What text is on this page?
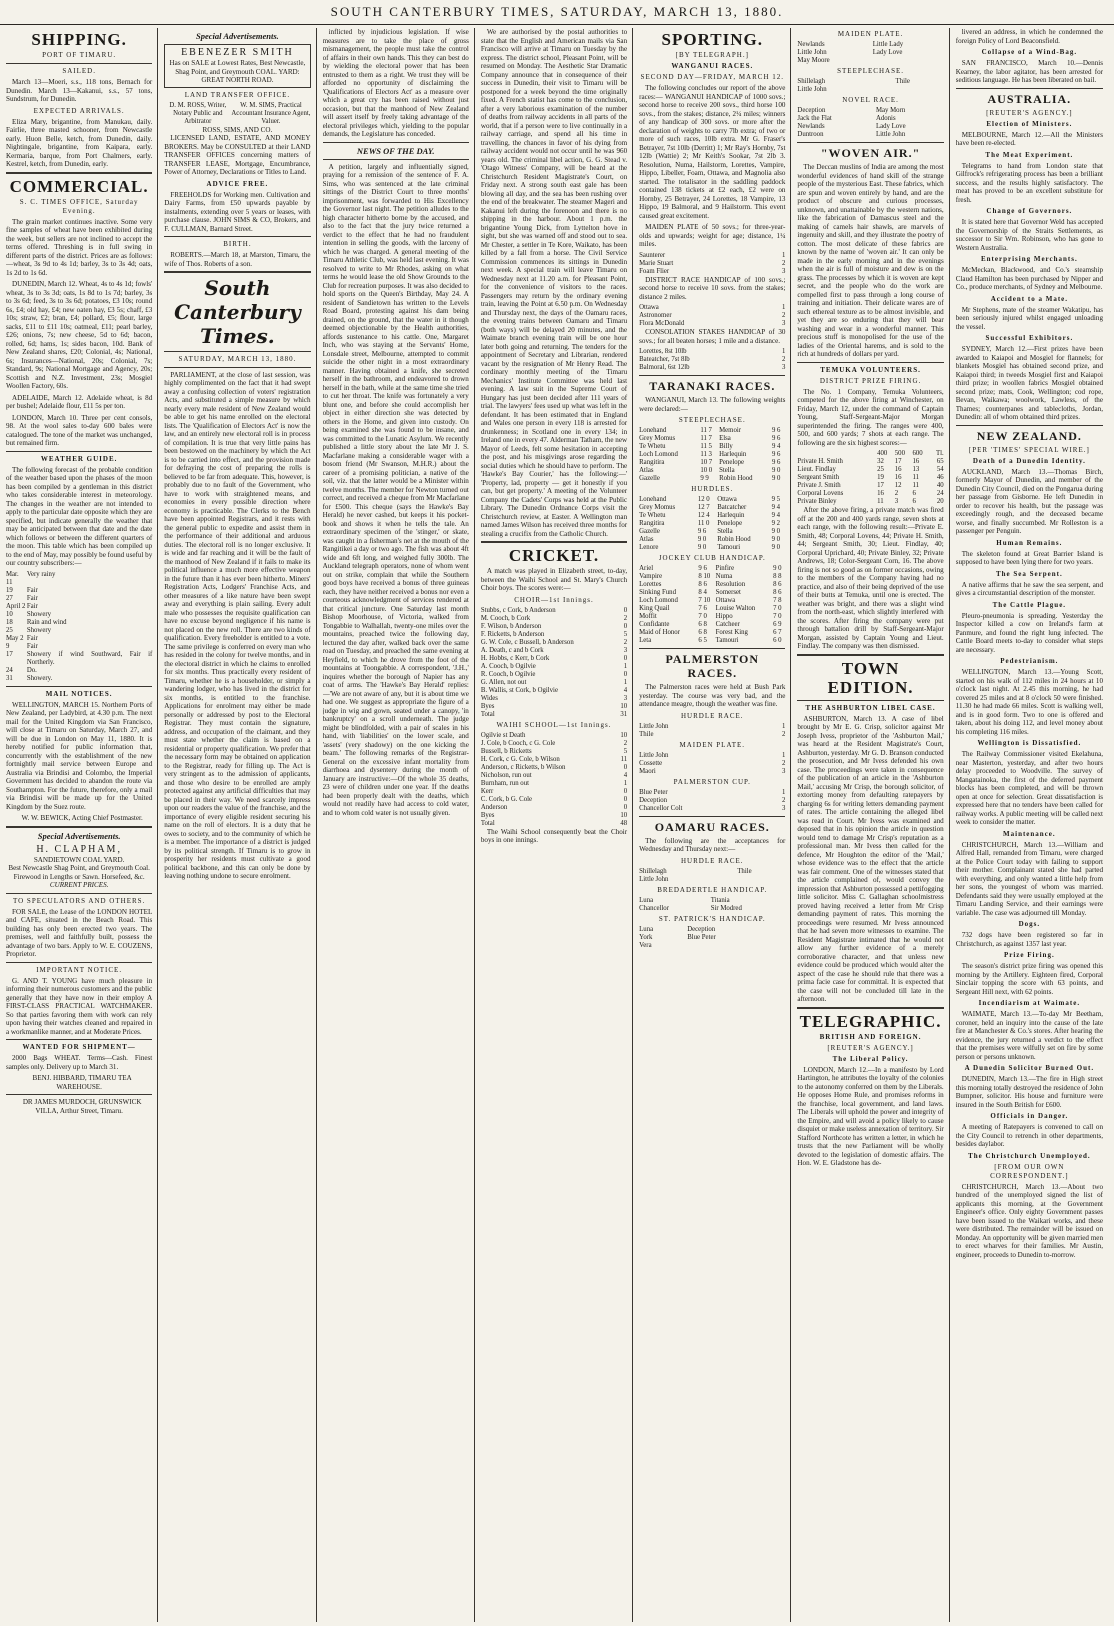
SOUTH CANTERBURY TIMES, SATURDAY, MARCH 13, 1880.
SHIPPING.
PORT OF TIMARU.
SAILED.

March 13—Moeri, s.s., 118 tons, Bernach for Dunedin. March 13—Kakanui, s.s., 57 tons, Sundstrum, for Dunedin.

EXPECTED ARRIVALS.

Eliza Mary, brigantine, from Manukau, daily. Fairlie, three masted schooner, from Newcastle early. Huon Belle, ketch, from Dunedin, daily. Nightingale, brigantine, from Kaipara, early. Kermaria, barque, from Port Chalmers, early. Kestrel, ketch, from Dunedin, early.

COMMERCIAL.
S. C. TIMES OFFICE, Saturday Evening.

The grain market continues inactive. Some very fine samples of wheat have been exhibited during the week, but sellers are not inclined to accept the terms offered. Threshing is in full swing in different parts of the district. Prices are as follows:—wheat, 3s 9d to 4s 1d; barley, 3s to 3s 4d; oats, 1s 2d to 1s 6d.

DUNEDIN, March 12. Wheat, 4s to 4s 1d; fowls' wheat, 3s to 3s 3d; oats, 1s 8d to 1s 7d; barley, 3s to 3s 6d; feed, 3s to 3s 6d; potatoes, £3 10s; round 6s, £4; old hay, £4; new oaten hay, £3 5s; chaff, £3 10s; straw, £2; bran, £4; pollard, £5; flour, large sacks, £11 to £11 10s; oatmeal, £11; pearl barley, £26; onions, 7s; new cheese, 5d to 6d; bacon, rolled, 6d; hams, 1s; sides bacon, 10d. Bank of New Zealand shares, £20; Colonial, 4s; National, 6s; Insurances—National, 20s; Colonial, 7s; Standard, 9s; National Mortgage and Agency, 20s; Scottish and N.Z. Investment, 23s; Mosgiel Woollen Factory, 60s.

ADELAIDE, March 12. Adelaide wheat, is 8d per bushel; Adelaide flour, £11 5s per ton.

LONDON, March 10. Three per cent consols, 98. At the wool sales to-day 600 bales were catalogued. The tone of the market was unchanged, but remained firm.

WEATHER GUIDE.

The following forecast of the probable condition of the weather based upon the phases of the moon has been compiled by a gentleman in this district who takes considerable interest in meteorology. The changes in the weather are not intended to apply to the particular date opposite which they are specified, but indicate generally the weather that may be anticipated between that date and the date which follows or between the different quarters of the moon. This table which has been compiled up to the end of May, may possibly be found useful by our country subscribers:—

Mar. 11	Very rainy
19	Fair
27	Fair
April 2	Fair
10	Showery
18	Rain and wind
25	Showery
May 2	Fair
9	Fair
17	Showery if wind Southward, Fair if Northerly.
24	Do.
31	Showery.
MAIL NOTICES.

WELLINGTON, MARCH 15. Northern Ports of New Zealand, per Ladybird, at 4.30 p.m. The next mail for the United Kingdom via San Francisco, will close at Timaru on Saturday, March 27, and will be due in London on May 11, 1880. It is hereby notified for public information that, concurrently with the establishment of the new fortnightly mail service between Europe and Australia via Brindisi and Colombo, the Imperial Government has decided to abandon the route via Southampton. For the future, therefore, only a mail via Brindisi will be made up for the United Kingdom by the Suez route.

W. W. BEWICK, Acting Chief Postmaster.

Special Advertisements.
H. CLAPHAM,
SANDIETOWN COAL YARD.
Best Newcastle Shag Point, and Greymouth Coal. Firewood in Lengths or Sawn. Horsefeed, &c.
CURRENT PRICES.
TO SPECULATORS AND OTHERS.

FOR SALE, the Lease of the LONDON HOTEL and CAFE, situated in the Beach Road. This building has only been erected two years. The premises, well and faithfully built, possess the advantage of two bars. Apply to W. E. COUZENS, Proprietor.

IMPORTANT NOTICE.

G. AND T. YOUNG have much pleasure in informing their numerous customers and the public generally that they have now in their employ A FIRST-CLASS PRACTICAL WATCHMAKER. So that parties favoring them with work can rely upon having their watches cleaned and repaired in a workmanlike manner, and at Moderate Prices.

WANTED FOR SHIPMENT—

2000 Bags WHEAT. Terms—Cash. Finest samples only. Delivery up to March 31.

BENJ. HIBBARD, TIMARU TEA WAREHOUSE.

DR JAMES MURDOCH, GRUNSWICK VILLA, Arthur Street, Timaru.

Special Advertisements.
EBENEZER SMITH
Has on SALE at Lowest Rates, Best Newcastle, Shag Point, and Greymouth COAL. YARD: GREAT NORTH ROAD.
LAND TRANSFER OFFICE.
D. M. ROSS, Writer, Notary Public and Arbitrator	W. M. SIMS, Practical Accountant Insurance Agent, Valuer.
ROSS, SIMS, AND CO.

LICENSED LAND, ESTATE, AND MONEY BROKERS. May be CONSULTED at their LAND TRANSFER OFFICES concerning matters of TRANSFER LEASE, Mortgage, Encumbrance, Power of Attorney, Declarations or Titles to Land.

ADVICE FREE.

FREEHOLDS for Working men. Cultivation and Dairy Farms, from £50 upwards payable by instalments, extending over 5 years or leases, with purchase clause. JOHN SIMS & CO, Brokers, and F. CULLMAN, Barnard Street.

BIRTH.

ROBERTS.—March 18, at Marston, Timaru, the wife of Thos. Roberts of a son.

South Canterbury Times.
SATURDAY, MARCH 13, 1880.

PARLIAMENT, at the close of last session, was highly complimented on the fact that it had swept away a confusing collection of voters' registration Acts, and substituted a simple measure by which nearly every male resident of New Zealand would be able to get his name enrolled on the electoral lists. The 'Qualification of Electors Act' is now the law, and an entirely new electoral roll is in process of compilation. It is true that very little pains has been bestowed on the machinery by which the Act is to be carried into effect, and the provision made for defraying the cost of preparing the rolls is believed to be far from adequate. This, however, is probably due to no fault of the Government, who have to work with straightened means, and economies in every possible direction where economy is practicable. The Clerks to the Bench have been appointed Registrars, and it rests with the general public to expedite and assist them in the performance of their additional and arduous duties. The electoral roll is no longer exclusive. It is wide and far reaching and it will be the fault of the manhood of New Zealand if it fails to make its political influence a much more effective weapon in the future than it has ever been hitherto. Miners' Registration Acts, Lodgers' Franchise Acts, and other measures of a like nature have been swept away and everything is plain sailing. Every adult male who possesses the requisite qualification can have no excuse beyond negligence if his name is not placed on the new roll. There are two kinds of qualification. Every freeholder is entitled to a vote. The same privilege is conferred on every man who has resided in the colony for twelve months, and in the electoral district in which he claims to enrolled for six months. Thus practically every resident of Timaru, whether he is a householder, or simply a wandering lodger, who has lived in the district for six months, is entitled to the franchise. Applications for enrolment may either be made personally or addressed by post to the Electoral Registrar. They must contain the signature, address, and occupation of the claimant, and they must state whether the claim is based on a residential or property qualification. We prefer that the necessary form may be obtained on application to the Registrar, ready for filling up. The Act is very stringent as to the admission of applicants, and those who desire to be enrolled are amply protected against any artificial difficulties that may be placed in their way. We need scarcely impress upon our readers the value of the franchise, and the importance of every eligible resident securing his name on the roll of electors. It is a duty that he owes to society, and to the community of which he is a member. The importance of a district is judged by its political strength. If Timaru is to grow in prosperity her residents must cultivate a good political backbone, and this can only be done by leaving nothing undone to secure enrolment.

inflicted by injudicious legislation. If wise measures are to take the place of gross mismanagement, the people must take the control of affairs in their own hands. This they can best do by wielding the electoral power that has been entrusted to them as a right. We trust they will be afforded no opportunity of disclaiming the 'Qualifications of Electors Act' as a measure over which a great cry has been raised without just occasion, but that the manhood of New Zealand will assert itself by freely taking advantage of the electoral privileges which, yielding to the popular demands, the Legislature has conceded.

NEWS OF THE DAY.

A petition, largely and influentially signed, praying for a remission of the sentence of F. A. Sims, who was sentenced at the late criminal sittings of the District Court to three months' imprisonment, was forwarded to His Excellency the Governor last night. The petition alludes to the high character hitherto borne by the accused, and also to the fact that the jury twice returned a verdict to the effect that he had no fraudulent intention in selling the goods, with the larceny of which he was charged. A general meeting of the Timaru Athletic Club, was held last evening. It was resolved to write to Mr Rhodes, asking on what terms he would lease the old Show Grounds to the Club for recreation purposes. It was also decided to hold sports on the Queen's Birthday, May 24. A resident of Sandietown has written to the Levels Road Board, protesting against his dam being drained, on the ground, that the water in it though deemed objectionable by the Health authorities, affords sustenance to his cattle. One, Margaret Inch, who was staying at the Servants' Home, Lonsdale street, Melbourne, attempted to commit suicide the other night in a most extraordinary manner. Having obtained a knife, she secreted herself in the bathroom, and endeavored to drown herself in the bath, while at the same time she tried to cut her throat. The knife was fortunately a very blunt one, and before she could accomplish her object in either direction she was detected by others in the Home, and given into custody. On being examined she was found to be insane, and was committed to the Lunatic Asylum. We recently published a little story about the late Mr J. S. Macfarlane making a considerable wager with a bosom friend (Mr Swanson, M.H.R.) about the career of a promising politician, a native of the soil, viz. that the latter would be a Minister within twelve months. The member for Newton turned out correct, and received a cheque from Mr Macfarlane for £500. This cheque (says the Hawke's Bay Herald) he never cashed, but keeps it his pocket-book and shows it when he tells the tale. An extraordinary specimen of the 'stinger,' or skate, was caught in a fisherman's net at the mouth of the Rangitikei a day or two ago. The fish was about 4ft wide and 6ft long, and weighed fully 300lb. The Auckland telegraph operators, none of whom went out on strike, complain that while the Southern good boys have received a bonus of three guineas each, they have neither received a bonus nor even a courteous acknowledgment of services rendered at that critical juncture. One Saturday last month Bishop Moorhouse, of Victoria, walked from Tongabbie to Walhallah, twenty-one miles over the mountains, preached twice the following day, lectured the day after, walked back over the same road on Tuesday, and preached the same evening at Heyfield, to which he drove from the foot of the mountains at Toongabbie. A correspondent, 'J.H.,' inquires whether the borough of Napier has any coat of arms. The 'Hawke's Bay Herald' replies:—'We are not aware of any, but it is about time we had one. We suggest as appropriate the figure of a judge in wig and gown, seated under a canopy, 'in bankruptcy' on a scroll underneath. The judge might be blindfolded, with a pair of scales in his hand, with 'liabilities' on the lower scale, and 'assets' (very shadowy) on the one kicking the beam.' The following remarks of the Registrar-General on the excessive infant mortality from diarrhoea and dysentery during the month of January are instructive:—Of the whole 35 deaths, 23 were of children under one year. If the deaths had been properly dealt with the deaths, which would not readily have had access to cold water, and to whom cold water is not usually given.

We are authorised by the postal authorities to state that the English and American mails via San Francisco will arrive at Timaru on Tuesday by the express. The district school, Pleasant Point, will be resumed on Monday. The Aesthetic Star Dramatic Company announce that in consequence of their success in Dunedin, their visit to Timaru will be postponed for a week beyond the time originally fixed. A French statist has come to the conclusion, after a very laborious examination of the number of deaths from railway accidents in all parts of the world, that if a person were to live continually in a railway carriage, and spend all his time in travelling, the chances in favor of his dying from railway accident would not occur until he was 960 years old. The criminal libel action, G. G. Stead v. 'Otago Witness' Company, will be heard at the Christchurch Resident Magistrate's Court, on Friday next. A strong south east gale has been blowing all day, and the sea has been rushing over the end of the breakwater. The steamer Mageri and Kakanui left during the forenoon and there is no shipping in the harbour. About 1 p.m. the brigantine Young Dick, from Lyttelton hove in sight, but she was warned off and stood out to sea. Mr Chester, a settler in Te Kore, Waikato, has been killed by a fall from a horse. The Civil Service Commission commences its sittings in Dunedin next week. A special train will leave Timaru on Wednesday next at 11.20 a.m. for Pleasant Point, for the convenience of visitors to the races. Passengers may return by the ordinary evening train, leaving the Point at 6.50 p.m. On Wednesday and Thursday next, the days of the Oamaru races, the evening trains between Oamaru and Timaru (both ways) will be delayed 20 minutes, and the Waimate branch evening train will be one hour later both going and returning. The tenders for the appointment of Secretary and Librarian, rendered vacant by the resignation of Mr Henry Read. The cordinary monthly meeting of the Timaru Mechanics' Institute Committee was held last evening. A law suit in the Supreme Court of Hungary has just been decided after 111 years of trial. The lawyers' fees used up what was left in the defendant. It has been estimated that in England and Wales one person in every 118 is arrested for drunkenness; in Scotland one in every 134; in Ireland one in every 47. Alderman Tatham, the new Mayor of Leeds, felt some hesitation in accepting the post, and his misgivings arose regarding the social duties which he should have to perform. The 'Hawke's Bay Courier,' has the following:—' 'Property, lad, property — get it honestly if you can, but get property.' A meeting of the Volunteer Company the Cadets' Corps was held at the Public Library. The Dunedin Ordnance Corps visit the Christchurch review, at Easter. A Wellington man named James Wilson has received three months for stealing a crucifix from the Catholic Church.

CRICKET.

A match was played in Elizabeth street, to-day, between the Waihi School and St. Mary's Church Choir boys. The scores were:—

CHOIR—1st Innings.
Stubbs, c Cork, b Anderson	0
M. Cooch, b Cork	2
F. Wilson, b Anderson	0
F. Ricketts, b Anderson	5
G. W. Cole, c Bussell, b Anderson	2
A. Death, c and b Cork	3
H. Hobbs, c Kerr, b Cork	0
A. Cooch, b Ogilvie	1
R. Cooch, b Ogilvie	0
G. Allen, not out	1
B. Wallis, st Cork, b Ogilvie	4
Wides	3
Byes	10
Total	31
WAIHI SCHOOL—1st Innings.
Ogilvie st Death	10
J. Cole, b Cooch, c G. Cole	2
Bussell, b Ricketts	5
H. Cork, c G. Cole, b Wilson	11
Anderson, c Ricketts, b Wilson	0
Nicholson, run out	4
Burnham, run out	1
Kerr	0
C. Cork, b G. Cole	0
Anderson	0
Byes	10
Total	48

The Waihi School consequently beat the Choir boys in one innings.

SPORTING.
[BY TELEGRAPH.]
WANGANUI RACES.
SECOND DAY—FRIDAY, MARCH 12.

The following concludes our report of the above races:— WANGANUI HANDICAP of 1000 sovs.; second horse to receive 200 sovs., third horse 100 sovs., from the stakes; distance, 2¼ miles; winners of any handicap of 300 sovs. or more after the declaration of weights to carry 7lb extra; of two or more of such races, 10lb extra. Mr G. Fraser's Betrayer, 7st 10lb (Derritt) 1; Mr Ray's Hornby, 7st 12lb (Wattie) 2; Mr Keith's Sookar, 7st 2lb 3. Resolution, Numa, Hailstorm, Lorettes, Vampire, Hippo, Libeller, Foam, Ottawa, and Magnolia also started. The totalisator in the saddling paddock contained 138 tickets at £2 each, £2 were on Hornby, 25 Betrayer, 24 Lorettes, 18 Vampire, 13 Hippo, 19 Balmoral, and 9 Hailstorm. This event caused great excitement.

MAIDEN PLATE of 50 sovs.; for three-year-olds and upwards; weight for age; distance, 1¼ miles.

Saunterer	1
Marie Stuart	2
Foam Flier	3

DISTRICT RACE HANDICAP of 100 sovs.; second horse to receive 10 sovs. from the stakes; distance 2 miles.

Ottawa	1
Astronomer	2
Flora McDonald	3

CONSOLATION STAKES HANDICAP of 30 sovs.; for all beaten horses; 1 mile and a distance.

Lorettes, 8st 10lb	1
Bateatcher, 7st 8lb	2
Balmoral, 6st 12lb	3
TARANAKI RACES.

WANGANUI, March 13. The following weights were declared:—

STEEPLECHASE.
Lonehand	11 7	Memoir	9 6
Grey Momus	11 7	Elsa	9 6
Te Whetu	11 5	Billy	9 4
Loch Lomond	11 3	Harlequin	9 6
Rangitira	10 7	Penelope	9 6
Atlas	10 0	Stella	9 0
Gazelle	9 9	Robin Hood	9 0
HURDLES.
Lonehand	12 0	Ottawa	9 5
Grey Momus	12 7	Batcatcher	9 4
Te Whetu	12 4	Harlequin	9 4
Rangitira	11 0	Penelope	9 2
Gazelle	9 6	Stella	9 0
Atlas	9 0	Robin Hood	9 0
Lenore	9 0	Tamouri	9 0
JOCKEY CLUB HANDICAP.
Ariel	9 6	Pinfire	9 0
Vampire	8 10	Numa	8 8
Lorettes	8 6	Resolution	8 6
Sinking Fund	8 4	Somerset	8 6
Loch Lomond	7 10	Ottawa	7 8
King Quail	7 6	Louise Walton	7 0
Moffit	7 0	Hippo	7 0
Confidante	6 8	Catcheer	6 9
Maid of Honor	6 8	Forest King	6 7
Leta	6 5	Tamouri	6 0
PALMERSTON RACES.

The Palmerston races were held at Bush Park yesterday. The course was very bad, and the attendance meagre, though the weather was fine.

HURDLE RACE.
Little John	1
Thile	2
MAIDEN PLATE.
Little John	1
Cossette	2
Maori	3
PALMERSTON CUP.
Blue Peter	1
Deception	2
Chancellor Colt	3
OAMARU RACES.

The following are the acceptances for Wednesday and Thursday next:—

HURDLE RACE.
Shillelagh	Thile
Little John	
BREDADERTLE HANDICAP.
Luna	Titania
Chancellor	Sir Modred
ST. PATRICK'S HANDICAP.
Luna	Deception
York	Blue Peter
Vera	
MAIDEN PLATE.
Newlands	Little Lady
Little John	Lady Love
May Moore	
STEEPLECHASE.
Shillelagh	Thile
Little John	
NOVEL RACE.
Deception	May Morn
Jack the Flat	Adonis
Newlands	Lady Love
Duntroon	Little John
"WOVEN AIR."

The Deccan muslins of India are among the most wonderful evidences of hand skill of the strange people of the mysterious East. These fabrics, which are spun and woven entirely by hand, and are the product of obscure and curious processes, unknown, and unattainable by the western nations, like the fabrication of Damascus steel and the making of camels hair shawls, are marvels of ingenuity and skill, and they illustrate the poetry of cotton. The most delicate of these fabrics are known by the name of 'woven air.' It can only be made in the early morning and in the evenings when the air is full of moisture and dew is on the grass. The processes by which it is woven are kept secret, and the people who do the work are compelled first to pass through a long course of training and initiation. Their delicate wares are of such ethereal texture as to be almost invisible, and yet they are so enduring that they will bear washing and wear in a wonderful manner. This precious stuff is monopolised for the use of the ladies of the Oriental harems, and is sold to the rich at hundreds of dollars per yard.

TEMUKA VOLUNTEERS.
DISTRICT PRIZE FIRING.

The No. 1 Company, Temuka Volunteers, competed for the above firing at Winchester, on Friday, March 12, under the command of Captain Young, Staff-Sergeant-Major Morgan superintended the firing. The ranges were 400, 500, and 600 yards; 7 shots at each range. The following are the six highest scores:—

	400	500	600	Tl.
Private H. Smith	32	17	16	65
Lieut. Findlay	25	16	13	54
Sergeant Smith	19	16	11	46
Private J. Smith	17	12	11	40
Corporal Lovens	16	2	6	24
Private Binley	11	3	6	20

After the above firing, a private match was fired off at the 200 and 400 yards range, seven shots at each range, with the following result:—Private E. Smith, 48; Corporal Lovens, 44; Private H. Smith, 44; Sergeant Smith, 30; Lieut. Findlay, 40; Corporal Uprichard, 40; Private Binley, 32; Private Andrews, 18; Color-Sergeant Corn, 16. The above firing is not so good as on former occasions, owing to the members of the Company having had no practice, and also of their being deprived of the use of their butts at Temuka, until one is erected. The weather was bright, and there was a slight wind from the north-east, which slightly interfered with the scores. After firing the company were put through battalion drill by Staff-Sergeant-Major Morgan, assisted by Captain Young and Lieut. Findlay. The company was then dismissed.

TOWN EDITION.
THE ASHBURTON LIBEL CASE.

ASHBURTON, March 13. A case of libel brought by Mr E. G. Crisp, solicitor against Mr Joseph Ivess, proprietor of the 'Ashburton Mail,' was heard at the Resident Magistrate's Court, Ashburton, yesterday. Mr G. D. Branson conducted the prosecution, and Mr Ivess defended his own case. The proceedings were taken in consequence of the publication of an article in the 'Ashburton Mail,' accusing Mr Crisp, the borough solicitor, of extorting money from defaulting ratepayers by charging 6s for writing letters demanding payment of rates. The article containing the alleged libel was read in Court. Mr Ivess was examined and deposed that in his opinion the article in question would tend to damage Mr Crisp's reputation as a professional man. Mr Ivess then called for the defence, Mr Houghton the editor of the 'Mail,' whose evidence was to the effect that the article was fair comment. One of the witnesses stated that the article complained of, would convey the impression that Ashburton possessed a pettifogging little solicitor. Miss C. Gallaghan schoolmistress proved having received a letter from Mr Crisp demanding payment of rates. This morning the proceedings were resumed. Mr Ivess announced that he had seven more witnesses to examine. The Resident Magistrate intimated that he would not allow any further evidence of a merely corroborative character, and that unless new evidence could be produced which would alter the aspect of the case he should rule that there was a prima facie case for committal. It is expected that the case will not be concluded till late in the afternoon.

TELEGRAPHIC.
BRITISH AND FOREIGN.
[REUTER'S AGENCY.]
The Liberal Policy.

LONDON, March 12.—In a manifesto by Lord Hartington, he attributes the loyalty of the colonies to the autonomy conferred on them by the Liberals. He opposes Home Rule, and promises reforms in the franchise, local government, and land laws. The Liberals will uphold the power and integrity of the Empire, and will avoid a policy likely to cause disquiet or make useless annexation of territory. Sir Stafford Northcote has written a letter, in which he trusts that the new Parliament will be wholly devoted to the legislation of domestic affairs. The Hon. W. E. Gladstone has de-

livered an address, in which he condemned the foreign Policy of Lord Beaconsfield.

Collapse of a Wind-Bag.

SAN FRANCISCO, March 10.—Dennis Kearney, the labor agitator, has been arrested for seditious language. He has been liberated on bail.

AUSTRALIA.
[REUTER'S AGENCY.]
Election of Ministers.

MELBOURNE, March 12.—All the Ministers have been re-elected.

The Meat Experiment.

Telegrams to hand from London state that Gilfrock's refrigerating process has been a brilliant success, and the results highly satisfactory. The meat has proved to be an excellent substitute for fresh.

Change of Governors.

It is stated here that Governor Weld has accepted the Governorship of the Straits Settlements, as successor to Sir Wm. Robinson, who has gone to Western Australia.

Enterprising Merchants.

McMeckan, Blackwood, and Co.'s steamship Claud Hamilton has been purchased by Nipper and Co., produce merchants, of Sydney and Melbourne.

Accident to a Mate.

Mr Stephens, mate of the steamer Wakatipu, has been seriously injured whilst engaged unloading the vessel.

Successful Exhibitors.

SYDNEY, March 12.—First prizes have been awarded to Kaiapoi and Mosgiel for flannels; for blankets Mosgiel has obtained second prize, and Kaiapoi third; in tweeds Mosgiel first and Kaiapoi third prize; in woollen fabrics Mosgiel obtained second prize; mats, Cook, Wellington; cod rope, Bevan, Waikawa; woolwork, Lawless, of the Thames; counterpanes and tablecloths, Jordan, Dunedin: all of whom obtained third prizes.

NEW ZEALAND.
[PER 'TIMES' SPECIAL WIRE.]
Death of a Dunedin Identity.

AUCKLAND, March 13.—Thomas Birch, formerly Mayor of Dunedin, and member of the Dunedin City Council, died on the Pongarua during her passage from Gisborne. He left Dunedin in order to recover his health, but the passage was exceedingly rough, and the deceased became worse, and finally succumbed. Mr Rolleston is a passenger per Penguin.

Human Remains.

The skeleton found at Great Barrier Island is supposed to have been lying there for two years.

The Sea Serpent.

A native affirms that he saw the sea serpent, and gives a circumstantial description of the monster.

The Cattle Plague.

Pleuro-pneumonia is spreading. Yesterday the Inspector killed a cow on Ireland's farm at Panmure, and found the right lung infected. The Cattle Board meets to-day to consider what steps are necessary.

Pedestrianism.

WELLINGTON, March 13.—Young Scott, started on his walk of 112 miles in 24 hours at 10 o'clock last night. At 2.45 this morning, he had covered 25 miles and at 8 o'clock 50 were finished. 11.30 he had made 66 miles. Scott is walking well, and is in good form. Two to one is offered and taken, about his doing 112, and level money about his completing 116 miles.

Wellington is Dissatisfied.

The Railway Commissioner visited Ekelahuna, near Masterton, yesterday, and after two hours delay proceeded to Woodville. The survey of Mangatainoka, the first of the deferred payment blocks has been completed, and will be thrown open at once for selection. Great dissatisfaction is expressed here that no tenders have been called for railway works. A public meeting will be called next week to consider the matter.

Maintenance.

CHRISTCHURCH, March 13.—William and Alfred Hall, remanded from Timaru, were charged at the Police Court today with failing to support their mother. Complainant stated she had parted with everything, and only wanted a little help from her sons, the youngest of whom was married. Defendants said they were usually employed at the Timaru Landing Service, and their earnings were variable. The case was adjourned till Monday.

Dogs.

732 dogs have been registered so far in Christchurch, as against 1357 last year.

Prize Firing.

The season's district prize firing was opened this morning by the Artillery. Eighteen fired, Corporal Sinclair topping the score with 63 points, and Sergeant Hill next, with 62 points.

Incendiarism at Waimate.

WAIMATE, March 13.—To-day Mr Beetham, coroner, held an inquiry into the cause of the late fire at Manchester & Co.'s stores. After hearing the evidence, the jury returned a verdict to the effect that the premises were wilfully set on fire by some person or persons unknown.

A Dunedin Solicitor Burned Out.

DUNEDIN, March 13.—The fire in High street this morning totally destroyed the residence of John Bumpner, solicitor. His house and furniture were insured in the South British for £600.

Officials in Danger.

A meeting of Ratepayers is convened to call on the City Council to retrench in other departments, besides daylabor.

The Christchurch Unemployed.
[FROM OUR OWN CORRESPONDENT.]

CHRISTCHURCH, March 13.—About two hundred of the unemployed signed the list of applicants this morning, at the Government Engineer's office. Only eighty Government passes have been issued to the Waikari works, and these were distributed. The remainder will be issued on Monday. An opportunity will be given married men to erect wharves for their families. Mr Austin, engineer, proceeds to Dunedin to-morrow.
